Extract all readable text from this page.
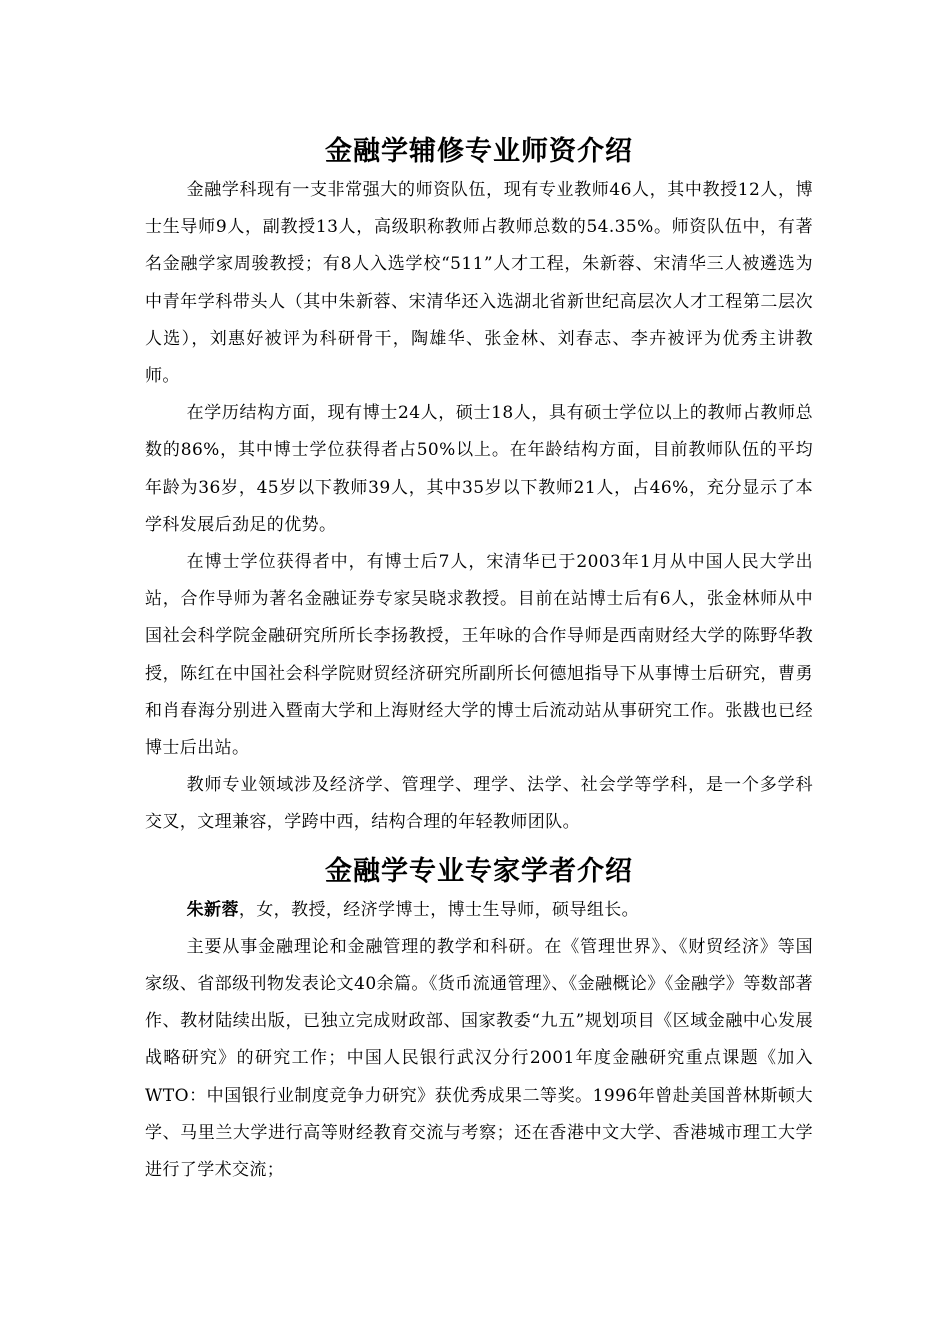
金融学辅修专业师资介绍

金融学科现有一支非常强大的师资队伍，现有专业教师46人，其中教授12人，博士生导师9人，副教授13人，高级职称教师占教师总数的54.35%。师资队伍中，有著名金融学家周骏教授；有8人入选学校“511”人才工程，朱新蓉、宋清华三人被遴选为中青年学科带头人（其中朱新蓉、宋清华还入选湖北省新世纪高层次人才工程第二层次人选），刘惠好被评为科研骨干，陶雄华、张金林、刘春志、李卉被评为优秀主讲教师。

在学历结构方面，现有博士24人，硕士18人，具有硕士学位以上的教师占教师总数的86%，其中博士学位获得者占50%以上。在年龄结构方面，目前教师队伍的平均年龄为36岁，45岁以下教师39人，其中35岁以下教师21人，占46%，充分显示了本学科发展后劲足的优势。

在博士学位获得者中，有博士后7人，宋清华已于2003年1月从中国人民大学出站，合作导师为著名金融证券专家吴晓求教授。目前在站博士后有6人，张金林师从中国社会科学院金融研究所所长李扬教授，王年咏的合作导师是西南财经大学的陈野华教授，陈红在中国社会科学院财贸经济研究所副所长何德旭指导下从事博士后研究，曹勇和肖春海分别进入暨南大学和上海财经大学的博士后流动站从事研究工作。张戡也已经博士后出站。

教师专业领域涉及经济学、管理学、理学、法学、社会学等学科，是一个多学科交叉，文理兼容，学跨中西，结构合理的年轻教师团队。

金融学专业专家学者介绍

朱新蓉，女，教授，经济学博士，博士生导师，硕导组长。

主要从事金融理论和金融管理的教学和科研。在《管理世界》、《财贸经济》等国家级、省部级刊物发表论文40余篇。《货币流通管理》、《金融概论》《金融学》等数部著作、教材陆续出版，已独立完成财政部、国家教委“九五”规划项目《区域金融中心发展战略研究》的研究工作；中国人民银行武汉分行2001年度金融研究重点课题《加入WTO：中国银行业制度竞争力研究》获优秀成果二等奖。1996年曾赴美国普林斯顿大学、马里兰大学进行高等财经教育交流与考察；还在香港中文大学、香港城市理工大学进行了学术交流；
